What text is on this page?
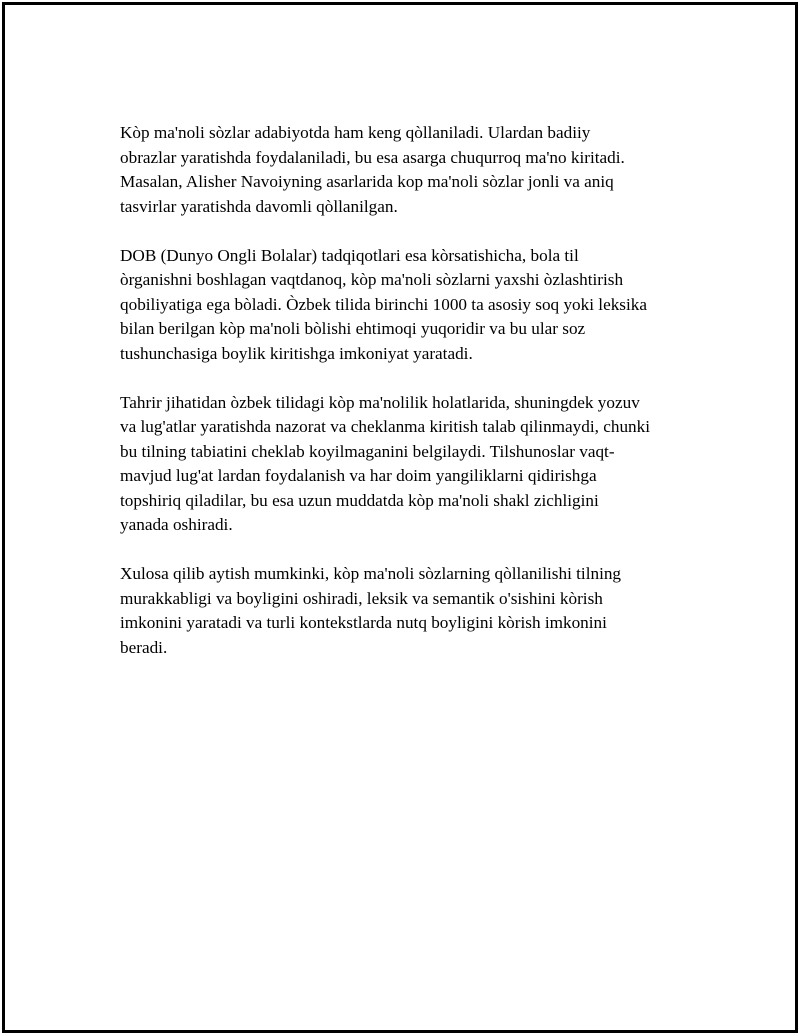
Kòp ma'noli sòzlar adabiyotda ham keng qòllaniladi. Ulardan badiiy
obrazlar yaratishda foydalaniladi, bu esa asarga chuqurroq ma'no kiritadi.
Masalan, Alisher Navoiyning asarlarida kop ma'noli sòzlar jonli va aniq
tasvirlar yaratishda davomli qòllanilgan.

DOB (Dunyo Ongli Bolalar) tadqiqotlari esa kòrsatishicha, bola til
òrganishni boshlagan vaqtdanoq, kòp ma'noli sòzlarni yaxshi òzlashtirish
qobiliyatiga ega bòladi. Òzbek tilida birinchi 1000 ta asosiy soq yoki leksika
bilan berilgan kòp ma'noli bòlishi ehtimoqi yuqoridir va bu ular soz
tushunchasiga boylik kiritishga imkoniyat yaratadi.

Tahrir jihatidan òzbek tilidagi kòp ma'nolilik holatlarida, shuningdek yozuv
va lug'atlar yaratishda nazorat va cheklanma kiritish talab qilinmaydi, chunki
bu tilning tabiatini cheklab koyilmaganini belgilaydi. Tilshunoslar vaqt-
mavjud lug'at lardan foydalanish va har doim yangiliklarni qidirishga
topshiriq qiladilar, bu esa uzun muddatda kòp ma'noli shakl zichligini
yanada oshiradi.

Xulosa qilib aytish mumkinki, kòp ma'noli sòzlarning qòllanilishi tilning
murakkabligi va boyligini oshiradi, leksik va semantik o'sishini kòrish
imkonini yaratadi va turli kontekstlarda nutq boyligini kòrish imkonini
beradi.
